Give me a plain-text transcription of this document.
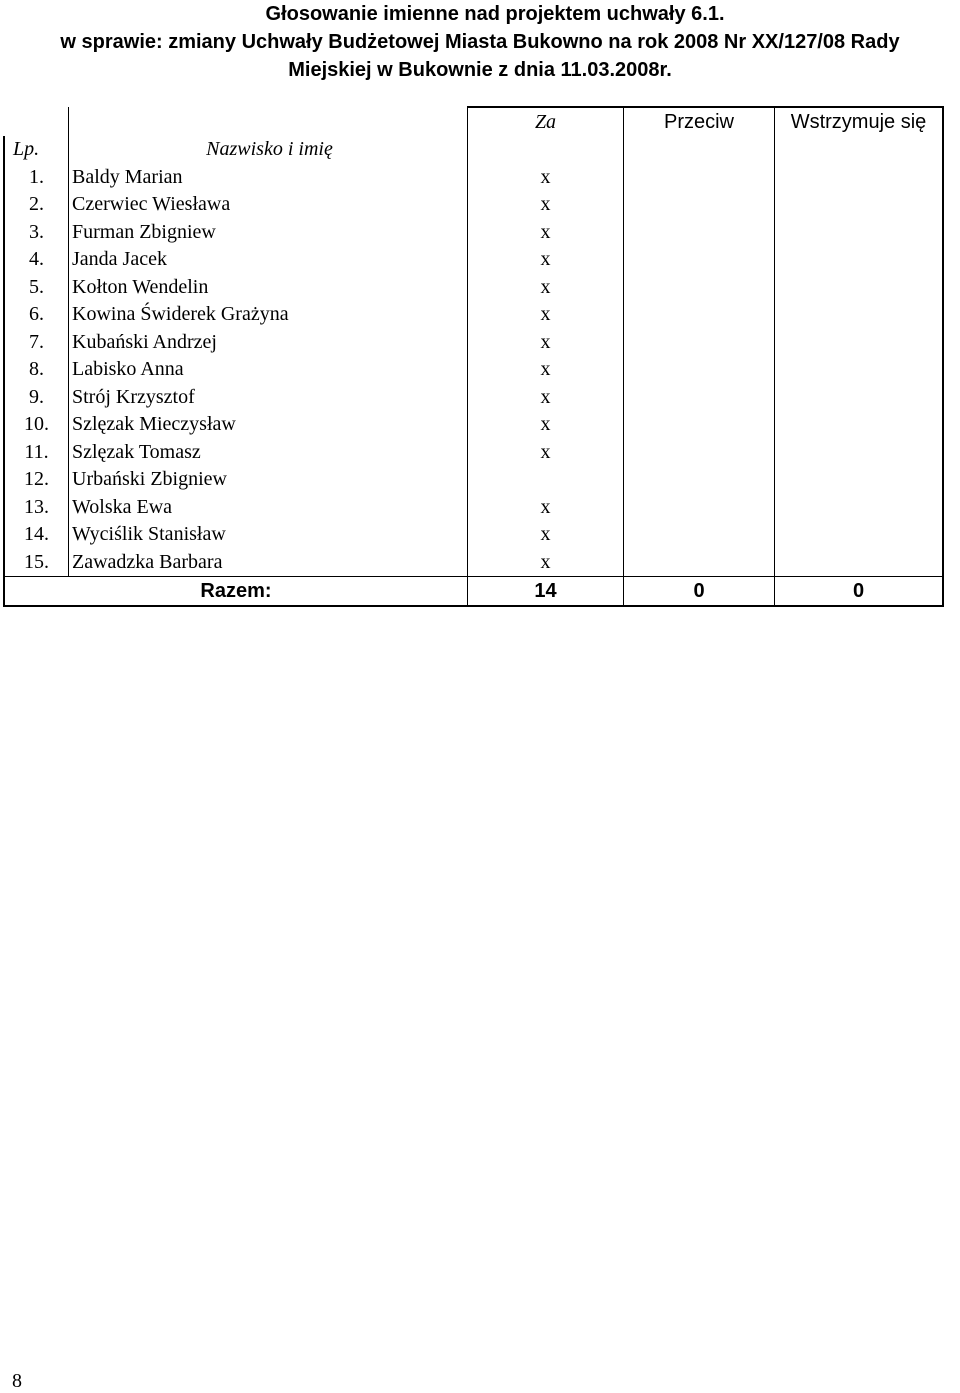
Głosowanie imienne nad projektem uchwały 6.1.
w sprawie: zmiany Uchwały Budżetowej Miasta Bukowno na rok 2008 Nr XX/127/08 Rady
Miejskiej w Bukownie z dnia 11.03.2008r.
		Za	Przeciw	Wstrzymuje się
Lp.	Nazwisko i imię			
1.	Baldy Marian	x		
2.	Czerwiec Wiesława	x		
3.	Furman Zbigniew	x		
4.	Janda Jacek	x		
5.	Kołton Wendelin	x		
6.	Kowina Świderek Grażyna	x		
7.	Kubański Andrzej	x		
8.	Labisko Anna	x		
9.	Strój Krzysztof	x		
10.	Szlęzak Mieczysław	x		
11.	Szlęzak Tomasz	x		
12.	Urbański Zbigniew			
13.	Wolska Ewa	x		
14.	Wyciślik Stanisław	x		
15.	Zawadzka Barbara	x		
Razem:		14	0	0
8
